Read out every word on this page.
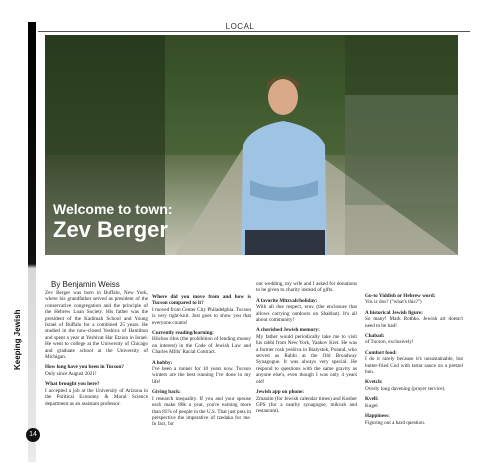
LOCAL
Keeping Jewish
14
Welcome to town:
Zev Berger
By Benjamin Weiss

Zev Berger was born in Buffalo, New York, where his grandfather served as president of the conservative congregation and the principle of the Hebrew Loan Society. His father was the president of the Kadimah School and Young Israel of Buffalo for a combined 25 years. He studied in the now-closed Yeshiva of Hamilton and spent a year at Yeshivat Har Etzion in Israel. He went to college at the University of Chicago and graduate school at the University of Michigan.

How long have you been in Tucson?

Only since August 2021!

What brought you here?

I accepted a job at the University of Arizona in the Political Economy & Moral Science department as an assistant professor.

Where did you move from and how is Tucson compared to it?

I moved from Center City Philadelphia. Tucson is very tight-knit. Just goes to show you that everyone counts!

Currently reading/learning:

Hilchos ribis (the prohibition of lending money on interest) in the Code of Jewish Law and Charles Mills' Racial Contract.

A hobby:

I've been a runner for 10 years now. Tucson winters are the best running I've done in my life!

Giving back:

I research inequality. If you and your spouse each make 80k a year, you're earning more than 85% of people in the U.S. That just puts in perspective the imperative of tzedaka for me. In fact, for

our wedding, my wife and I asked for donations to be given to charity instead of gifts.

A favorite Mitzvah/holiday:

With all due respect, eruv (the enclosure that allows carrying outdoors on Shabbat). It's all about community!

A cherished Jewish memory:

My father would periodically take me to visit his rabbi from New York, Yaakov Kret. He was a former rosh yeshiva in Bialystok, Poland, who served as Rabbi at the Old Broadway Synagogue. It was always very special. He respond to questions with the same gravity as anyone else's, even though I was only 4 years old!

Jewish app on phone:

Zmanim (for Jewish calendar times) and Kosher GPS (for a nearby synagogue, mikvah and restaurant).

Go-to Yiddish or Hebrew word:

Vos iz dos? ("what's this?")

A historical Jewish figure:

So many! Mark Rothko. Jewish art doesn't need to be bad!

Chabad:

of Tucson, exclusively!

Comfort food:

I do it rarely because it's unsustainable, but butter-fried Cod with tartar sauce on a pretzel bun.

Kvetch:

Overly long davening (prayer service).

Kvell:

Kugel

Happiness:

Figuring out a hard question.
